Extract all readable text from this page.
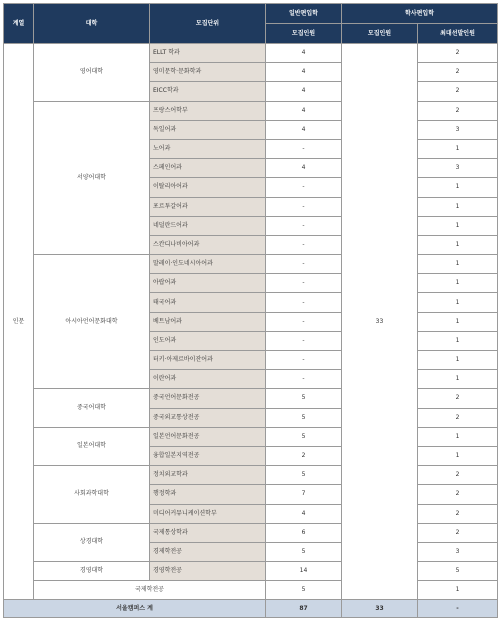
계열	대학	모집단위	일반편입학	학사편입학	
			모집인원	모집인원	최대선발인원
인문	영어대학	ELLT 학과	4	33	2
		영미문학·문화학과	4		2
		EICC학과	4		2
	서양어대학	프랑스어학부	4		2
		독일어과	4		3
		노어과	-		1
		스페인어과	4		3
		이탈리아어과	-		1
		포르투갈어과	-		1
		네덜란드어과	-		1
		스칸디나비아어과	-		1
	아시아언어문화대학	말레이·인도네시아어과	-		1
		아랍어과	-		1
		태국어과	-		1
		베트남어과	-		1
		인도어과	-		1
		터키·아제르바이잔어과	-		1
		이란어과	-		1
	중국어대학	중국언어문화전공	5		2
		중국외교통상전공	5		2
	일본어대학	일본언어문화전공	5		1
		융합일본지역전공	2		1
	사회과학대학	정치외교학과	5		2
		행정학과	7		2
		미디어커뮤니케이션학부	4		2
	상경대학	국제통상학과	6		2
		경제학전공	5		3
	경영대학	경영학전공	14		5
	국제학전공		5		1
서울캠퍼스 계			87	33	-
